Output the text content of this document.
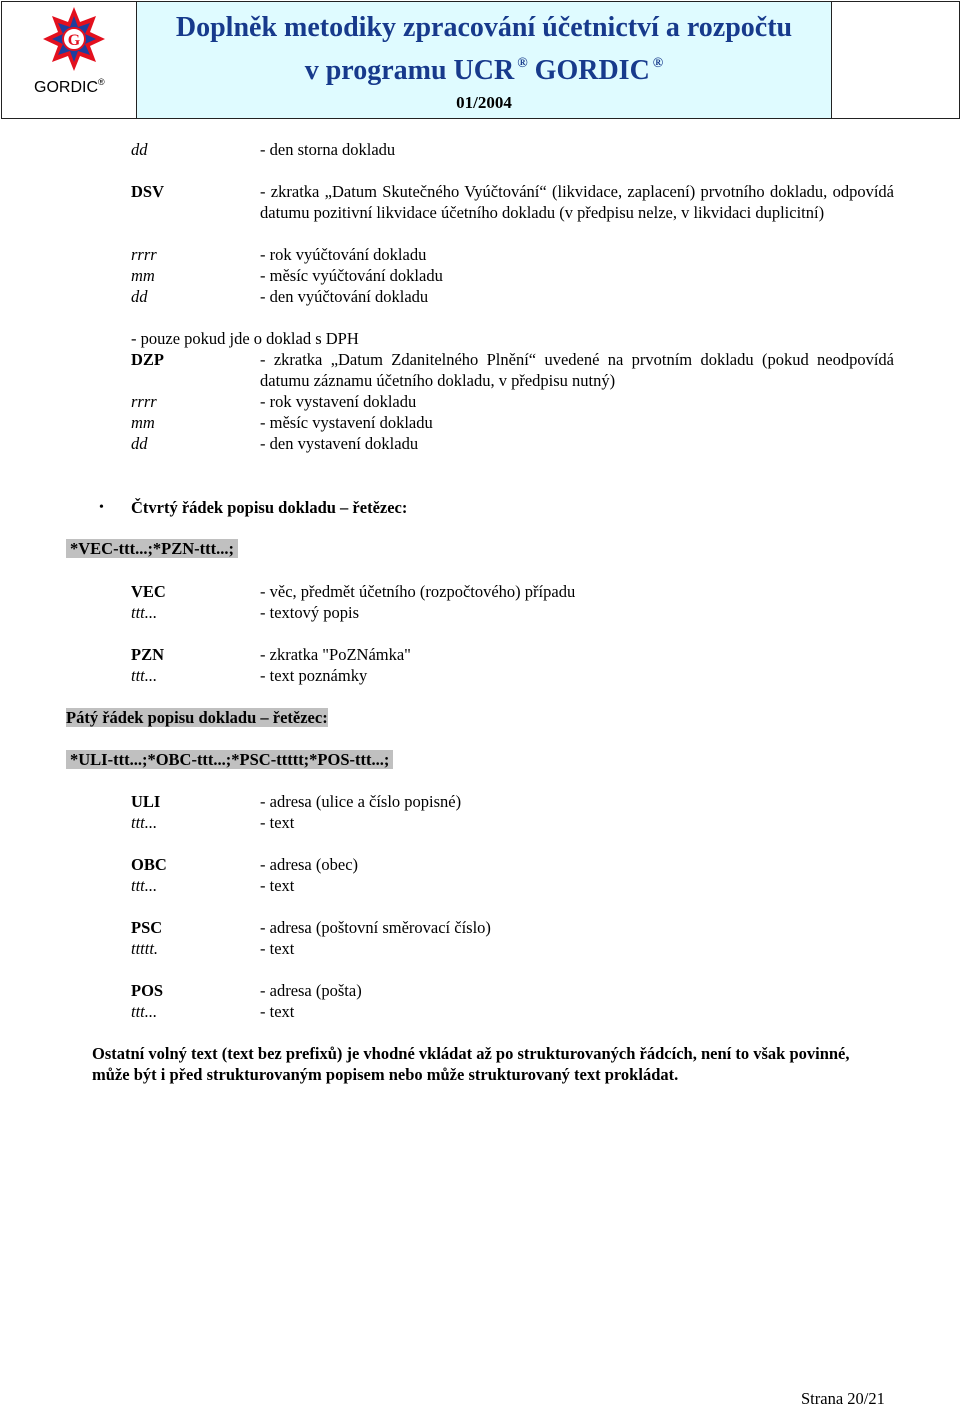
G
GORDIC®
Doplněk metodiky zpracování účetnictví a rozpočtu
v programu UCR ® GORDIC ®
01/2004
dd	- den storna dokladu
DSV	- zkratka „Datum Skutečného Vyúčtování“ (likvidace, zaplacení) prvotního dokladu, odpovídá datumu pozitivní likvidace účetního dokladu (v předpisu nelze, v likvidaci duplicitní)
rrrr	- rok vyúčtování dokladu
mm	- měsíc vyúčtování dokladu
dd	- den vyúčtování dokladu
- pouze pokud jde o doklad s DPH
DZP	- zkratka „Datum Zdanitelného Plnění“ uvedené na prvotním dokladu (pokud neodpovídá datumu záznamu účetního dokladu, v předpisu nutný)
rrrr	- rok vystavení dokladu
mm	- měsíc vystavení dokladu
dd	- den vystavení dokladu
• Čtvrtý řádek popisu dokladu – řetězec:
*VEC-ttt...;*PZN-ttt...;
VEC	- věc, předmět účetního (rozpočtového) případu
ttt...	- textový popis
PZN	- zkratka "PoZNámka"
ttt...	- text poznámky
Pátý řádek popisu dokladu – řetězec:
*ULI-ttt...;*OBC-ttt...;*PSC-ttttt;*POS-ttt...;
ULI	- adresa (ulice a číslo popisné)
ttt...	- text
OBC	- adresa (obec)
ttt...	- text
PSC	- adresa (poštovní směrovací číslo)
ttttt.	- text
POS	- adresa (pošta)
ttt...	- text
Ostatní volný text (text bez prefixů) je vhodné vkládat až po strukturovaných řádcích, není to však povinné, může být i před strukturovaným popisem nebo může strukturovaný text prokládat.
Strana 20/21
